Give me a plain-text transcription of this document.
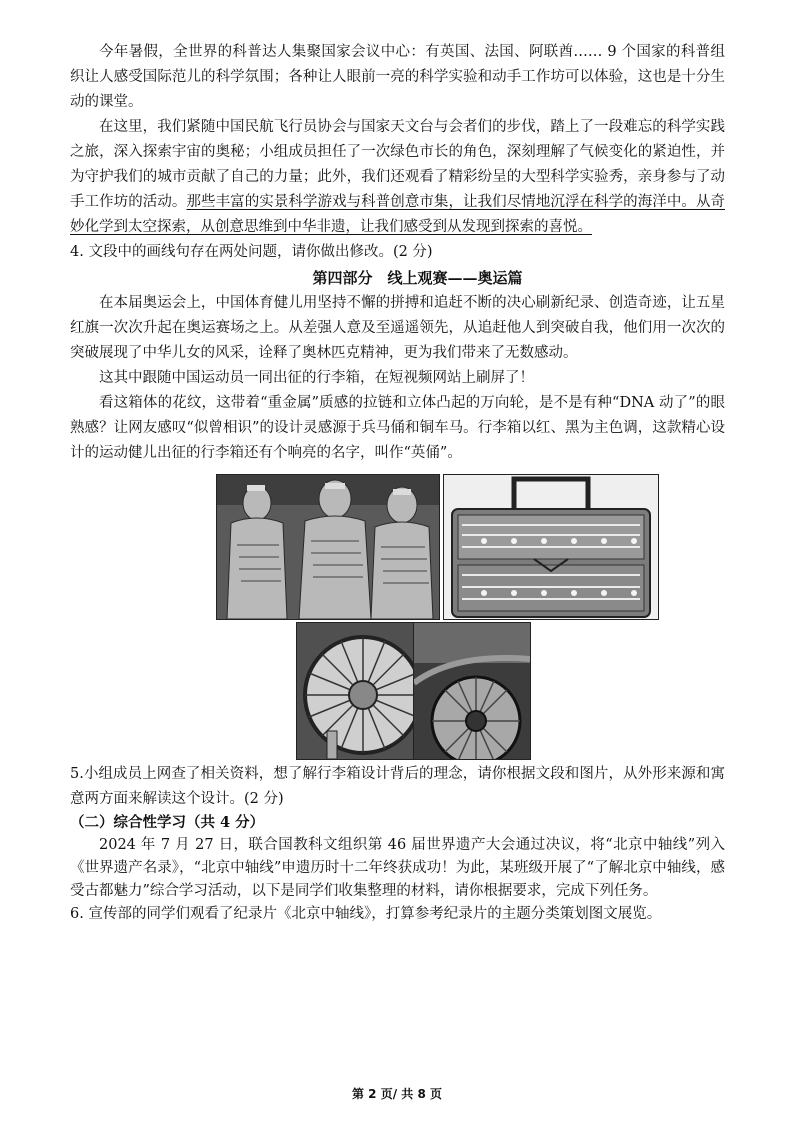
今年暑假，全世界的科普达人集聚国家会议中心：有英国、法国、阿联酋…… 9 个国家的科普组织让人感受国际范儿的科学氛围；各种让人眼前一亮的科学实验和动手工作坊可以体验，这也是十分生动的课堂。

在这里，我们紧随中国民航飞行员协会与国家天文台与会者们的步伐，踏上了一段难忘的科学实践之旅，深入探索宇宙的奥秘；小组成员担任了一次绿色市长的角色，深刻理解了气候变化的紧迫性，并为守护我们的城市贡献了自己的力量；此外，我们还观看了精彩纷呈的大型科学实验秀，亲身参与了动手工作坊的活动。那些丰富的实景科学游戏与科普创意市集，让我们尽情地沉浮在科学的海洋中。从奇妙化学到太空探索，从创意思维到中华非遗，让我们感受到从发现到探索的喜悦。

4. 文段中的画线句存在两处问题，请你做出修改。(2 分)

第四部分　线上观赛——奥运篇

在本届奥运会上，中国体育健儿用坚持不懈的拼搏和追赶不断的决心刷新纪录、创造奇迹，让五星红旗一次次升起在奥运赛场之上。从差强人意及至遥遥领先，从追赶他人到突破自我，他们用一次次的突破展现了中华儿女的风采，诠释了奥林匹克精神，更为我们带来了无数感动。

这其中跟随中国运动员一同出征的行李箱，在短视频网站上刷屏了！

看这箱体的花纹，这带着“重金属”质感的拉链和立体凸起的万向轮，是不是有种“DNA 动了”的眼熟感？让网友感叹“似曾相识”的设计灵感源于兵马俑和铜车马。行李箱以红、黑为主色调，这款精心设计的运动健儿出征的行李箱还有个响亮的名字，叫作“英俑”。

5.小组成员上网查了相关资料，想了解行李箱设计背后的理念，请你根据文段和图片，从外形来源和寓意两方面来解读这个设计。(2 分)

（二）综合性学习（共 4 分）

2024 年 7 月 27 日，联合国教科文组织第 46 届世界遗产大会通过决议，将“北京中轴线”列入《世界遗产名录》，“北京中轴线”申遗历时十二年终获成功！为此，某班级开展了“了解北京中轴线，感受古都魅力”综合学习活动，以下是同学们收集整理的材料，请你根据要求，完成下列任务。

6. 宣传部的同学们观看了纪录片《北京中轴线》，打算参考纪录片的主题分类策划图文展览。

第 2 页/ 共 8 页
